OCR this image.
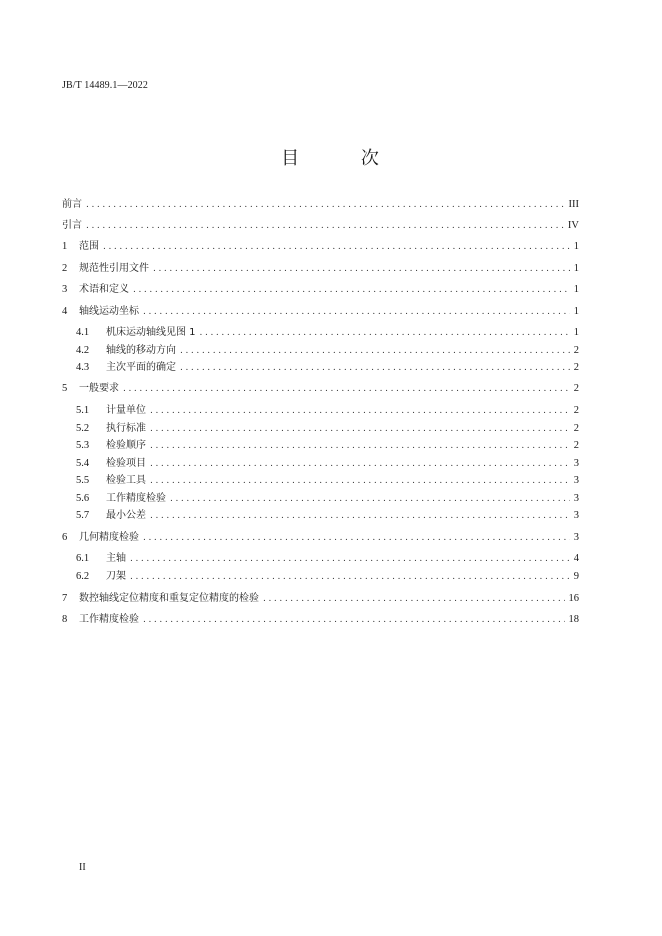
JB/T 14489.1—2022
目 次
前言 .....	III
引言 .....	IV
1	范围 .....	1
2	规范性引用文件 .....	1
3	术语和定义 .....	1
4	轴线运动坐标 .....	1
4.1	机床运动轴线见图 1 .....	1
4.2	轴线的移动方向 .....	2
4.3	主次平面的确定 .....	2
5	一般要求 .....	2
5.1	计量单位 .....	2
5.2	执行标准 .....	2
5.3	检验顺序 .....	2
5.4	检验项目 .....	3
5.5	检验工具 .....	3
5.6	工作精度检验 .....	3
5.7	最小公差 .....	3
6	几何精度检验 .....	3
6.1	主轴 .....	4
6.2	刀架 .....	9
7	数控轴线定位精度和重复定位精度的检验 .....	16
8	工作精度检验 .....	18
II
